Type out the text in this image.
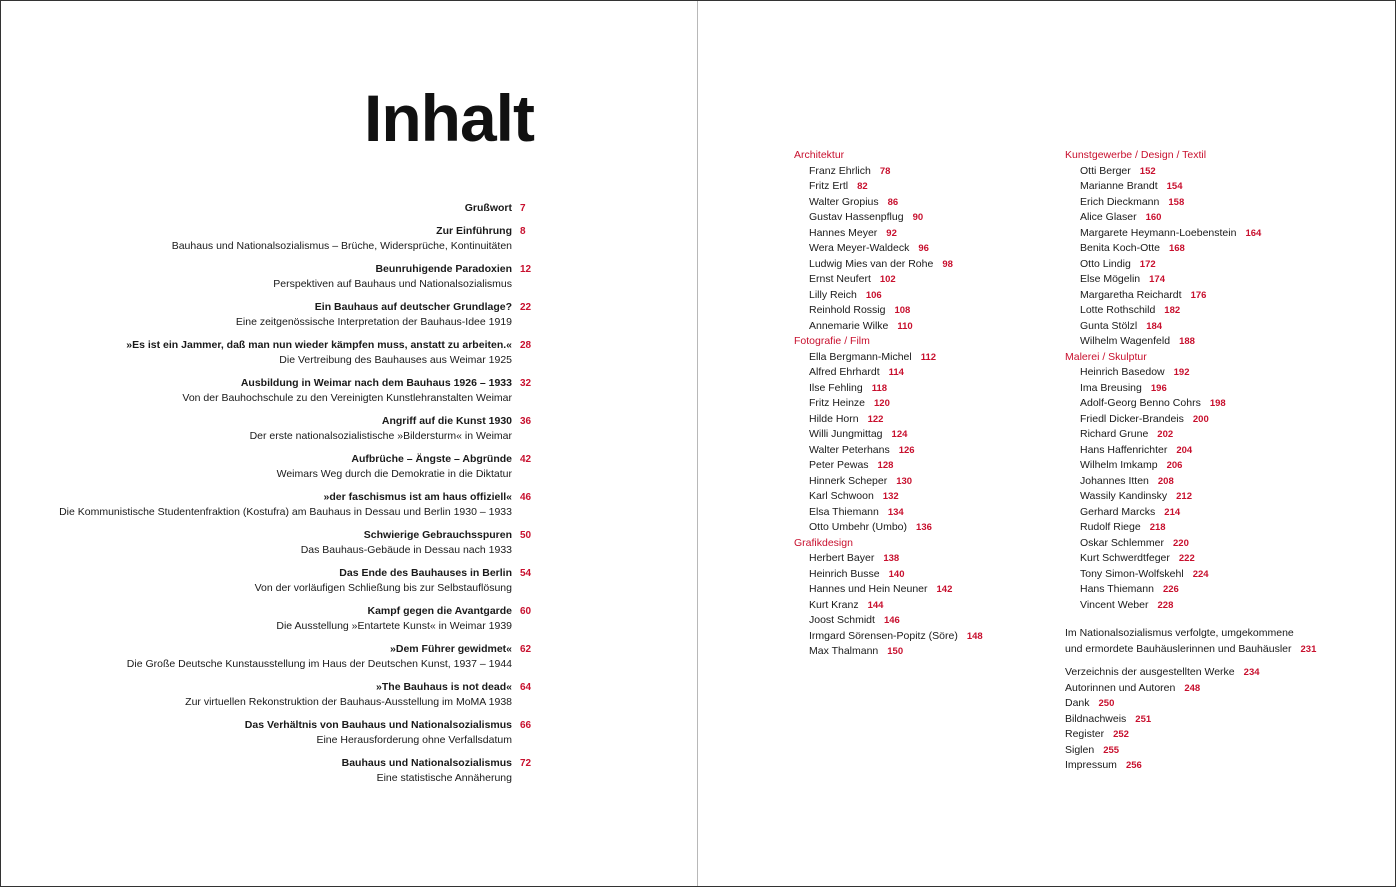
Inhalt
Grußwort 7
Zur Einführung
Bauhaus und Nationalsozialismus – Brüche, Widersprüche, Kontinuitäten
8
Beunruhigende Paradoxien
Perspektiven auf Bauhaus und Nationalsozialismus
12
Ein Bauhaus auf deutscher Grundlage?
Eine zeitgenössische Interpretation der Bauhaus-Idee 1919
22
»Es ist ein Jammer, daß man nun wieder kämpfen muss, anstatt zu arbeiten.«
Die Vertreibung des Bauhauses aus Weimar 1925
28
Ausbildung in Weimar nach dem Bauhaus 1926 – 1933
Von der Bauhochschule zu den Vereinigten Kunstlehranstalten Weimar
32
Angriff auf die Kunst 1930
Der erste nationalsozialistische »Bildersturm« in Weimar
36
Aufbrüche – Ängste – Abgründe
Weimars Weg durch die Demokratie in die Diktatur
42
»der faschismus ist am haus offiziell«
Die Kommunistische Studentenfraktion (Kostufra) am Bauhaus in Dessau und Berlin 1930 – 1933
46
Schwierige Gebrauchsspuren
Das Bauhaus-Gebäude in Dessau nach 1933
50
Das Ende des Bauhauses in Berlin
Von der vorläufigen Schließung bis zur Selbstauflösung
54
Kampf gegen die Avantgarde
Die Ausstellung »Entartete Kunst« in Weimar 1939
60
»Dem Führer gewidmet«
Die Große Deutsche Kunstausstellung im Haus der Deutschen Kunst, 1937 – 1944
62
»The Bauhaus is not dead«
Zur virtuellen Rekonstruktion der Bauhaus-Ausstellung im MoMA 1938
64
Das Verhältnis von Bauhaus und Nationalsozialismus
Eine Herausforderung ohne Verfallsdatum
66
Bauhaus und Nationalsozialismus
Eine statistische Annäherung
72
Architektur
Franz Ehrlich 78
Fritz Ertl 82
Walter Gropius 86
Gustav Hassenpflug 90
Hannes Meyer 92
Wera Meyer-Waldeck 96
Ludwig Mies van der Rohe 98
Ernst Neufert 102
Lilly Reich 106
Reinhold Rossig 108
Annemarie Wilke 110
Fotografie / Film
Ella Bergmann-Michel 112
Alfred Ehrhardt 114
Ilse Fehling 118
Fritz Heinze 120
Hilde Horn 122
Willi Jungmittag 124
Walter Peterhans 126
Peter Pewas 128
Hinnerk Scheper 130
Karl Schwoon 132
Elsa Thiemann 134
Otto Umbehr (Umbo) 136
Grafikdesign
Herbert Bayer 138
Heinrich Busse 140
Hannes und Hein Neuner 142
Kurt Kranz 144
Joost Schmidt 146
Irmgard Sörensen-Popitz (Söre) 148
Max Thalmann 150
Kunstgewerbe / Design / Textil
Otti Berger 152
Marianne Brandt 154
Erich Dieckmann 158
Alice Glaser 160
Margarete Heymann-Loebenstein 164
Benita Koch-Otte 168
Otto Lindig 172
Else Mögelin 174
Margaretha Reichardt 176
Lotte Rothschild 182
Gunta Stölzl 184
Wilhelm Wagenfeld 188
Malerei / Skulptur
Heinrich Basedow 192
Ima Breusing 196
Adolf-Georg Benno Cohrs 198
Friedl Dicker-Brandeis 200
Richard Grune 202
Hans Haffenrichter 204
Wilhelm Imkamp 206
Johannes Itten 208
Wassily Kandinsky 212
Gerhard Marcks 214
Rudolf Riege 218
Oskar Schlemmer 220
Kurt Schwerdtfeger 222
Tony Simon-Wolfskehl 224
Hans Thiemann 226
Vincent Weber 228
Im Nationalsozialismus verfolgte, umgekommene
und ermordete Bauhäuslerinnen und Bauhäusler 231
Verzeichnis der ausgestellten Werke 234
Autorinnen und Autoren 248
Dank 250
Bildnachweis 251
Register 252
Siglen 255
Impressum 256
